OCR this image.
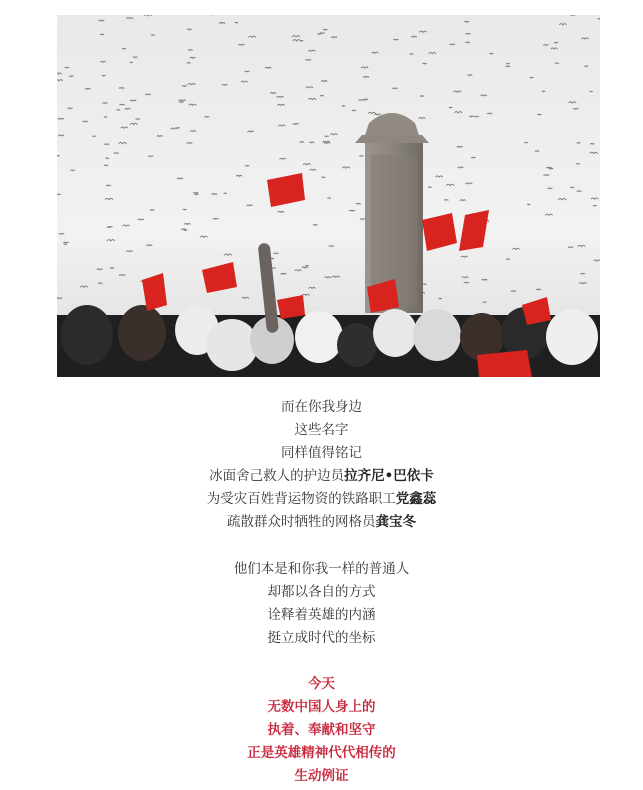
而在你我身边
这些名字
同样值得铭记
冰面舍己救人的护边员拉齐尼•巴依卡
为受灾百姓背运物资的铁路职工党鑫蕊
疏散群众时牺牲的网格员龚宝冬
他们本是和你我一样的普通人
却都以各自的方式
诠释着英雄的内涵
挺立成时代的坐标
今天
无数中国人身上的
执着、奉献和坚守
正是英雄精神代代相传的
生动例证
